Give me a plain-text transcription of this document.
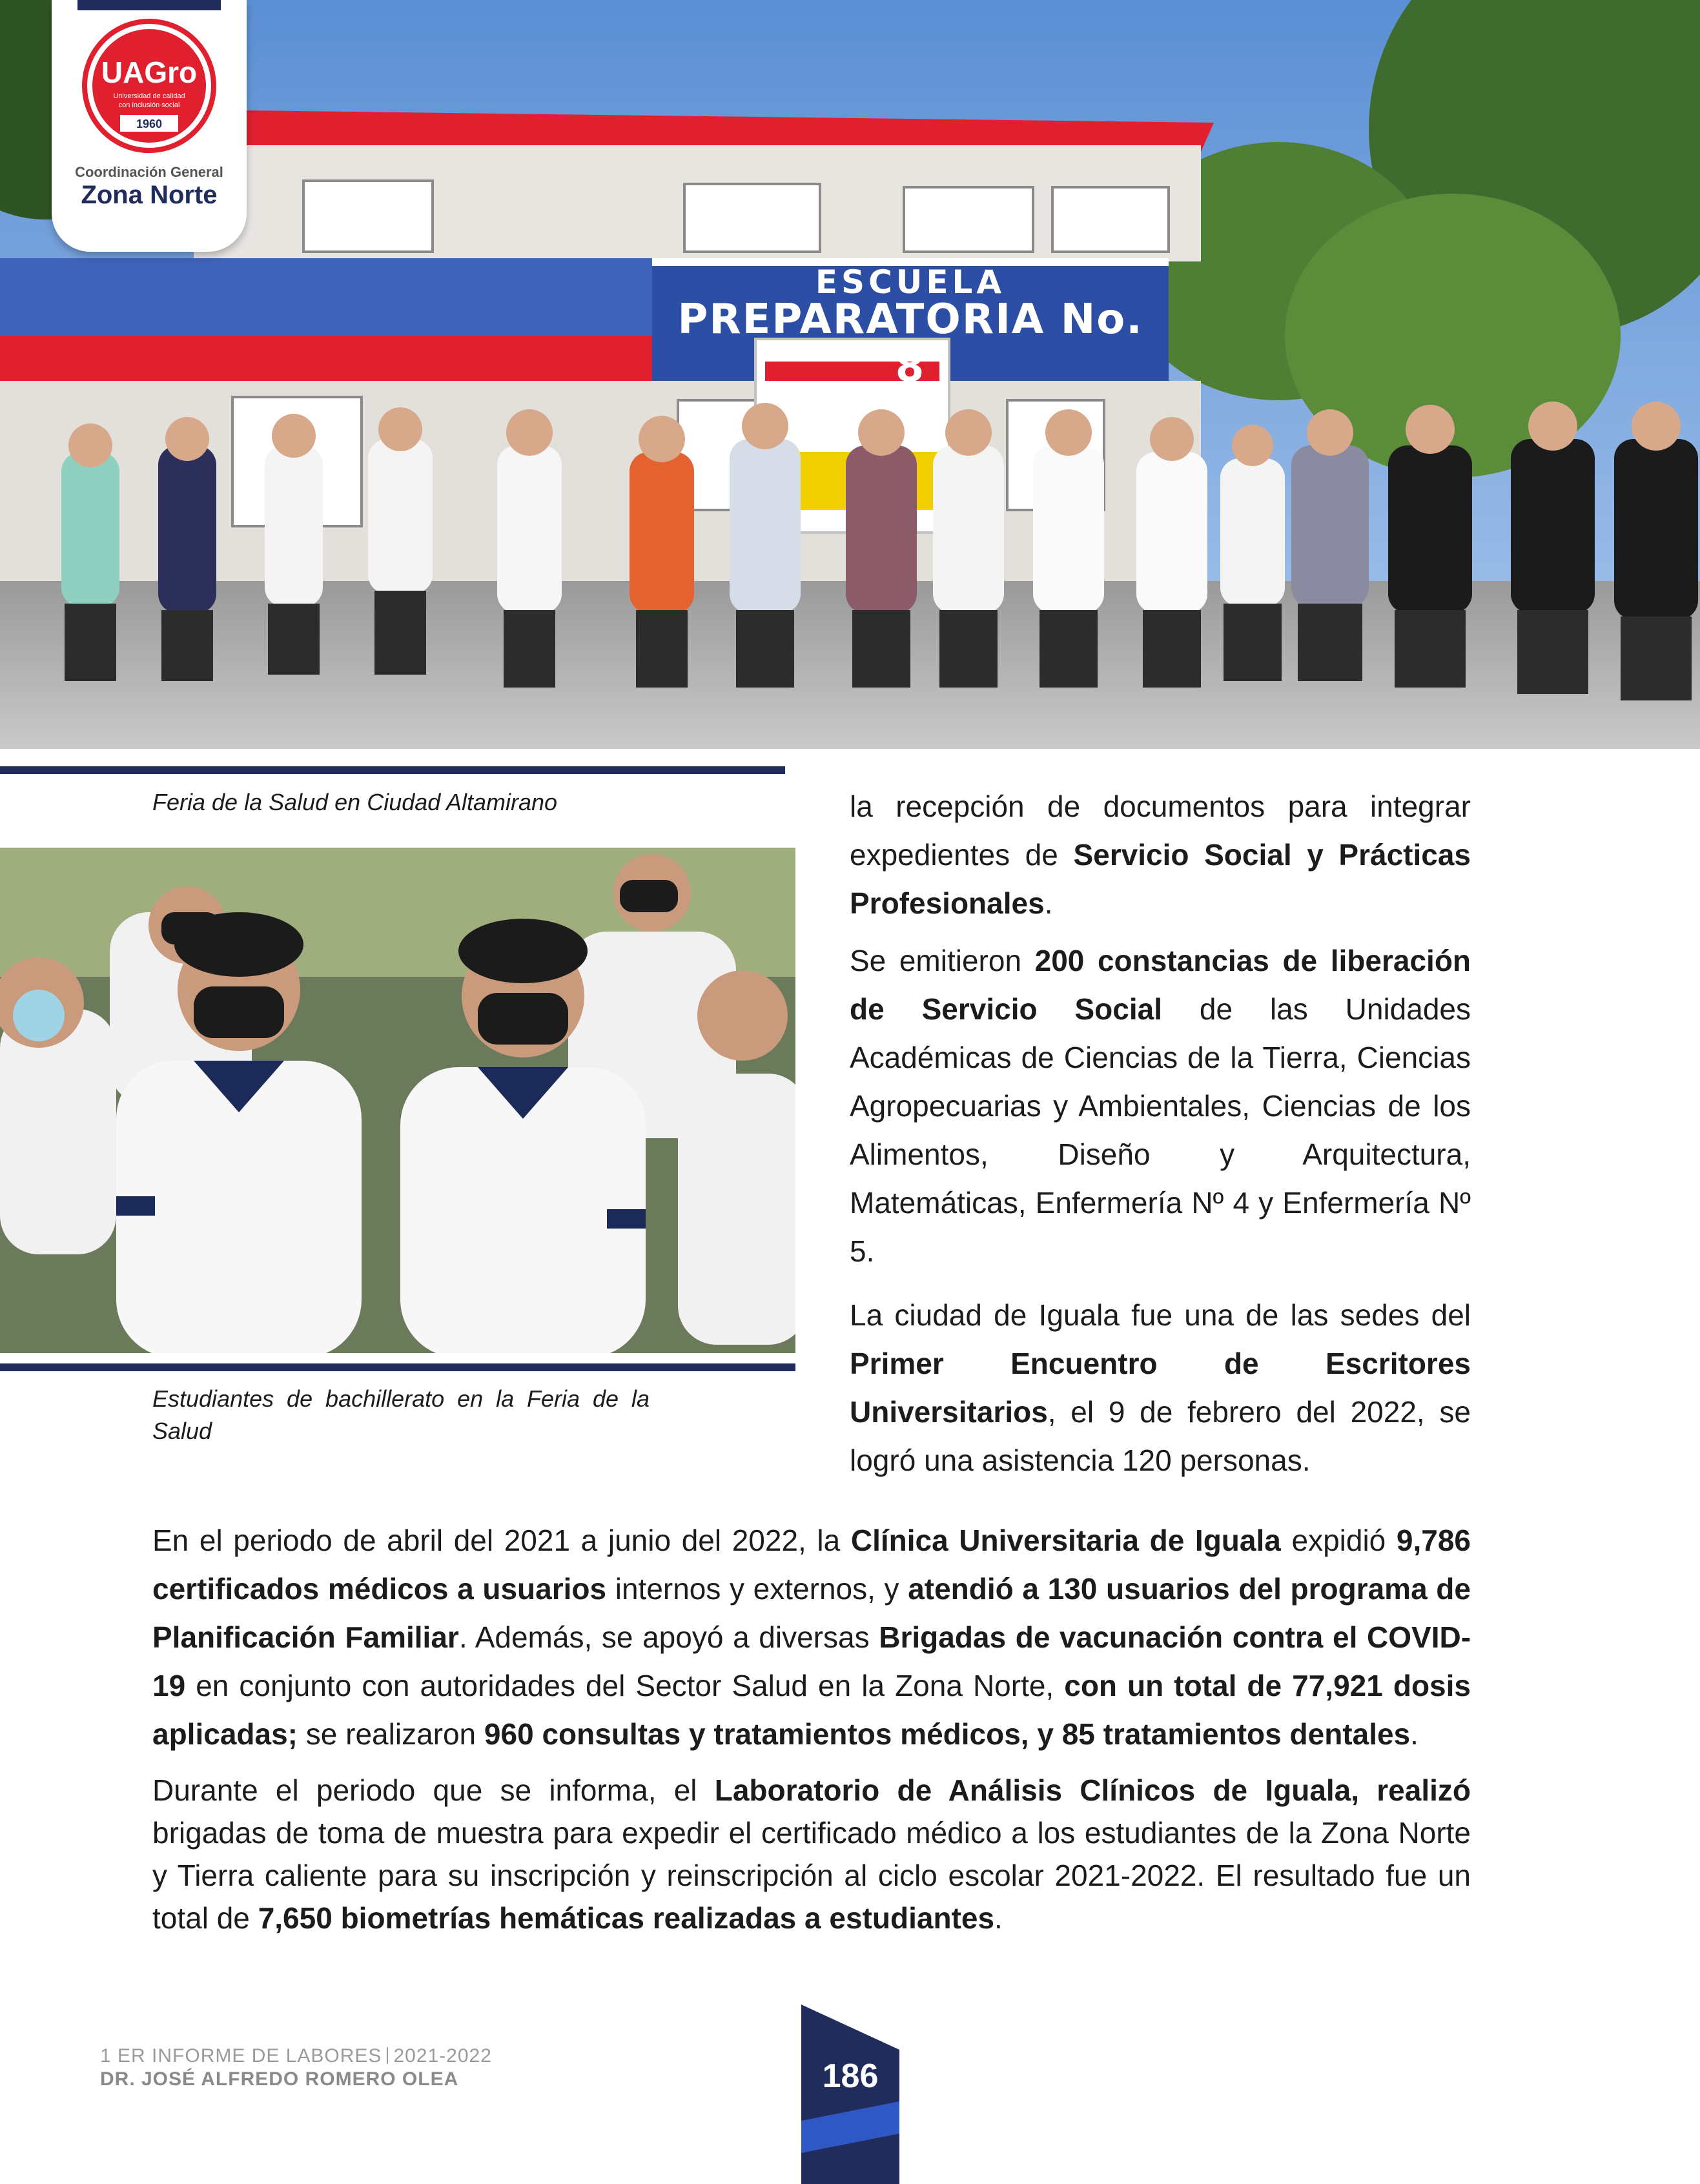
ESCUELA
PREPARATORIA No. 8
UAGro
Universidad de calidad
con inclusión social
1960
Coordinación General
Zona Norte
Feria de la Salud en Ciudad Altamirano
Estudiantes de bachillerato en la Feria de la Salud
la recepción de documentos para integrar expedientes de Servicio Social y Prácticas Profesionales.
Se emitieron 200 constancias de liberación de Servicio Social de las Unidades Académicas de Ciencias de la Tierra, Ciencias Agropecuarias y Ambientales, Ciencias de los Alimentos, Diseño y Arquitectura, Matemáticas, Enfermería Nº 4 y Enfermería Nº 5.
La ciudad de Iguala fue una de las sedes del Primer Encuentro de Escritores Universitarios, el 9 de febrero del 2022, se logró una asistencia 120 personas.
En el periodo de abril del 2021 a junio del 2022, la Clínica Universitaria de Iguala expidió 9,786 certificados médicos a usuarios internos y externos, y atendió a 130 usuarios del programa de Planificación Familiar. Además, se apoyó a diversas Brigadas de vacunación contra el COVID-19 en conjunto con autoridades del Sector Salud en la Zona Norte, con un total de 77,921 dosis aplicadas; se realizaron 960 consultas y tratamientos médicos, y 85 tratamientos dentales.
Durante el periodo que se informa, el Laboratorio de Análisis Clínicos de Iguala, realizó brigadas de toma de muestra para expedir el certificado médico a los estudiantes de la Zona Norte y Tierra caliente para su inscripción y reinscripción al ciclo escolar 2021-2022. El resultado fue un total de 7,650 biometrías hemáticas realizadas a estudiantes.
1 ER INFORME DE LABORES 2021-2022
DR. JOSÉ ALFREDO ROMERO OLEA	186
